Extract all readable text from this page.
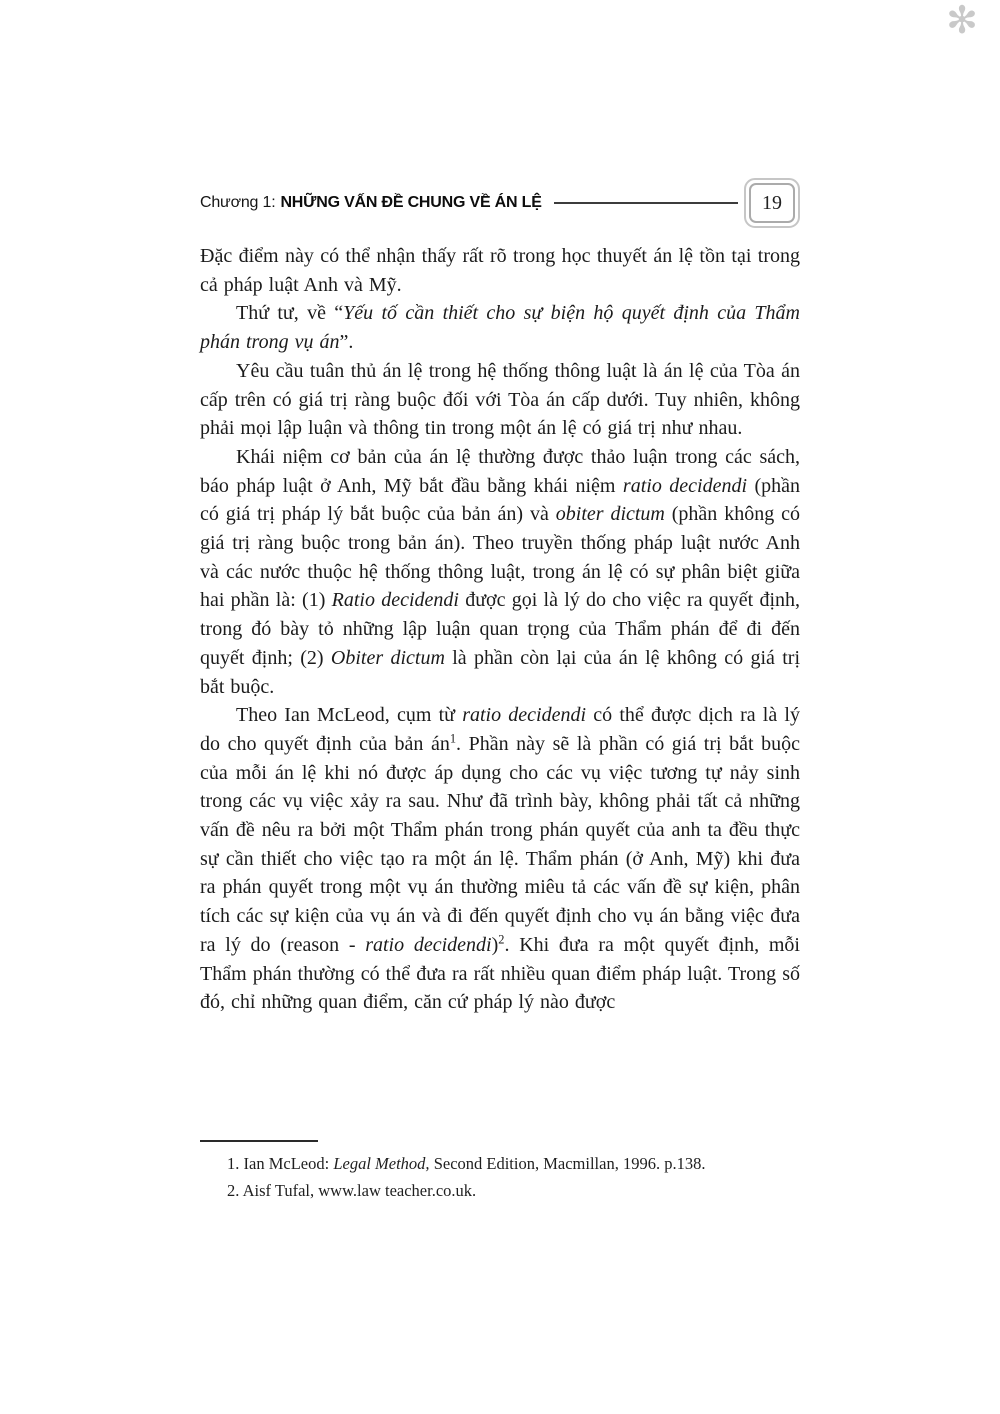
✻
Chương 1: NHỮNG VẤN ĐỀ CHUNG VỀ ÁN LỆ	19

Đặc điểm này có thể nhận thấy rất rõ trong học thuyết án lệ tồn tại trong cả pháp luật Anh và Mỹ.

Thứ tư, về “Yếu tố cần thiết cho sự biện hộ quyết định của Thẩm phán trong vụ án”.

Yêu cầu tuân thủ án lệ trong hệ thống thông luật là án lệ của Tòa án cấp trên có giá trị ràng buộc đối với Tòa án cấp dưới. Tuy nhiên, không phải mọi lập luận và thông tin trong một án lệ có giá trị như nhau.

Khái niệm cơ bản của án lệ thường được thảo luận trong các sách, báo pháp luật ở Anh, Mỹ bắt đầu bằng khái niệm ratio decidendi (phần có giá trị pháp lý bắt buộc của bản án) và obiter dictum (phần không có giá trị ràng buộc trong bản án). Theo truyền thống pháp luật nước Anh và các nước thuộc hệ thống thông luật, trong án lệ có sự phân biệt giữa hai phần là: (1) Ratio decidendi được gọi là lý do cho việc ra quyết định, trong đó bày tỏ những lập luận quan trọng của Thẩm phán để đi đến quyết định; (2) Obiter dictum là phần còn lại của án lệ không có giá trị bắt buộc.

Theo Ian McLeod, cụm từ ratio decidendi có thể được dịch ra là lý do cho quyết định của bản $án^1$. Phần này sẽ là phần có giá trị bắt buộc của mỗi án lệ khi nó được áp dụng cho các vụ việc tương tự nảy sinh trong các vụ việc xảy ra sau. Như đã trình bày, không phải tất cả những vấn đề nêu ra bởi một Thẩm phán trong phán quyết của anh ta đều thực sự cần thiết cho việc tạo ra một án lệ. Thẩm phán (ở Anh, Mỹ) khi đưa ra phán quyết trong một vụ án thường miêu tả các vấn đề sự kiện, phân tích các sự kiện của vụ án và đi đến quyết định cho vụ án bằng việc đưa ra lý do (reason - ratio decidendi)$^2$. Khi đưa ra một quyết định, mỗi Thẩm phán thường có thể đưa ra rất nhiều quan điểm pháp luật. Trong số đó, chỉ những quan điểm, căn cứ pháp lý nào được

1. Ian McLeod: Legal Method, Second Edition, Macmillan, 1996. p.138.
2. Aisf Tufal, www.law teacher.co.uk.
